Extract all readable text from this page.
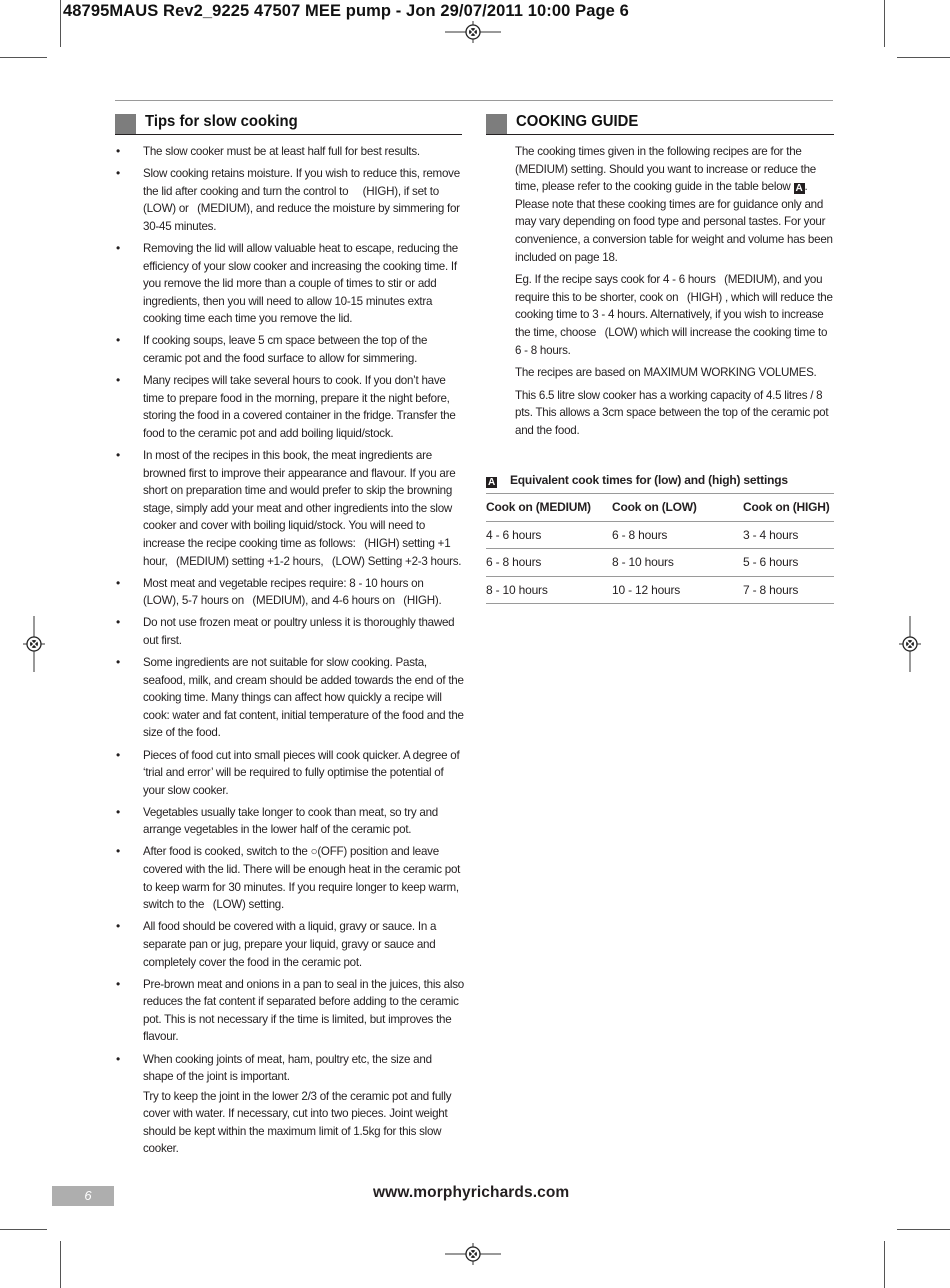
48795MAUS Rev2_9225 47507 MEE pump - Jon 29/07/2011 10:00 Page 6
Tips for slow cooking	COOKING GUIDE
• The slow cooker must be at least half full for best results.
• Slow cooking retains moisture. If you wish to reduce this, remove the lid after cooking and turn the control to  (HIGH), if set to  (LOW) or  (MEDIUM), and reduce the moisture by simmering for 30-45 minutes.
• Removing the lid will allow valuable heat to escape, reducing the efficiency of your slow cooker and increasing the cooking time. If you remove the lid more than a couple of times to stir or add ingredients, then you will need to allow 10-15 minutes extra cooking time each time you remove the lid.
• If cooking soups, leave 5 cm space between the top of the ceramic pot and the food surface to allow for simmering.
• Many recipes will take several hours to cook. If you don’t have time to prepare food in the morning, prepare it the night before, storing the food in a covered container in the fridge. Transfer the food to the ceramic pot and add boiling liquid/stock.
• In most of the recipes in this book, the meat ingredients are browned first to improve their appearance and flavour. If you are short on preparation time and would prefer to skip the browning stage, simply add your meat and other ingredients into the slow cooker and cover with boiling liquid/stock. You will need to increase the recipe cooking time as follows:  (HIGH) setting +1 hour,  (MEDIUM) setting +1-2 hours,  (LOW) Setting +2-3 hours.
• Most meat and vegetable recipes require: 8 - 10 hours on  (LOW), 5-7 hours on  (MEDIUM), and 4-6 hours on  (HIGH).
• Do not use frozen meat or poultry unless it is thoroughly thawed out first.
• Some ingredients are not suitable for slow cooking. Pasta, seafood, milk, and cream should be added towards the end of the cooking time. Many things can affect how quickly a recipe will cook: water and fat content, initial temperature of the food and the size of the food.
• Pieces of food cut into small pieces will cook quicker. A degree of ‘trial and error’ will be required to fully optimise the potential of your slow cooker.
• Vegetables usually take longer to cook than meat, so try and arrange vegetables in the lower half of the ceramic pot.
• After food is cooked, switch to the ○(OFF) position and leave covered with the lid. There will be enough heat in the ceramic pot to keep warm for 30 minutes. If you require longer to keep warm, switch to the  (LOW) setting.
• All food should be covered with a liquid, gravy or sauce. In a separate pan or jug, prepare your liquid, gravy or sauce and completely cover the food in the ceramic pot.
• Pre-brown meat and onions in a pan to seal in the juices, this also reduces the fat content if separated before adding to the ceramic pot. This is not necessary if the time is limited, but improves the flavour.
• When cooking joints of meat, ham, poultry etc, the size and shape of the joint is important.
Try to keep the joint in the lower 2/3 of the ceramic pot and fully cover with water. If necessary, cut into two pieces. Joint weight should be kept within the maximum limit of 1.5kg for this slow cooker.

The cooking times given in the following recipes are for the  (MEDIUM) setting. Should you want to increase or reduce the time, please refer to the cooking guide in the table below A . Please note that these cooking times are for guidance only and may vary depending on food type and personal tastes. For your convenience, a conversion table for weight and volume has been included on page 18.

Eg. If the recipe says cook for 4 - 6 hours  (MEDIUM), and you require this to be shorter, cook on  (HIGH) , which will reduce the cooking time to 3 - 4 hours. Alternatively, if you wish to increase the time, choose  (LOW) which will increase the cooking time to 6 - 8 hours.

The recipes are based on MAXIMUM WORKING VOLUMES.

This 6.5 litre slow cooker has a working capacity of 4.5 litres / 8 pts. This allows a 3cm space between the top of the ceramic pot and the food.

A Equivalent cook times for (low) and (high) settings
Cook on (MEDIUM)	Cook on (LOW)	Cook on (HIGH)
4 - 6 hours	6 - 8 hours	3 - 4 hours
6 - 8 hours	8 - 10 hours	5 - 6 hours
8 - 10 hours	10 - 12 hours	7 - 8 hours
6	www.morphyrichards.com
